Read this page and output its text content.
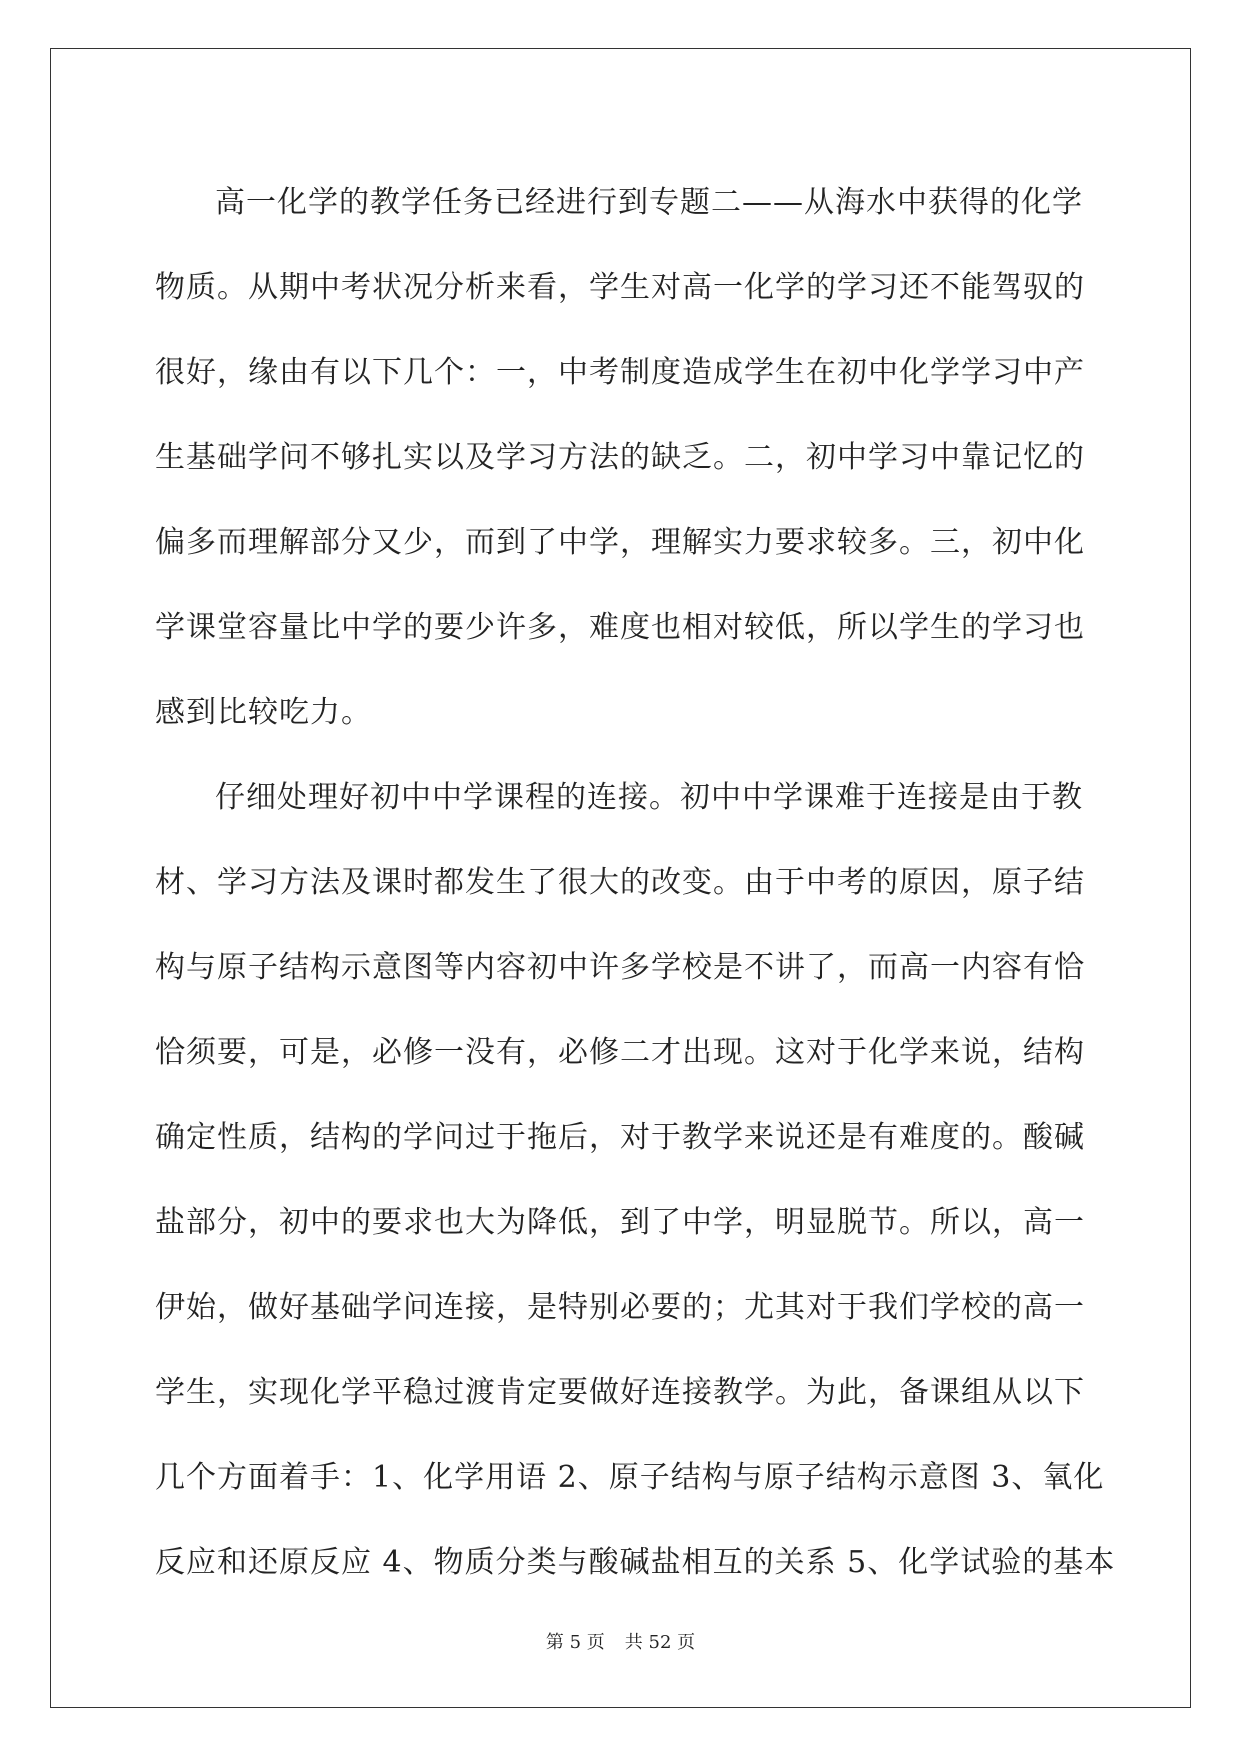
高一化学的教学任务已经进行到专题二——从海水中获得的化学
物质。从期中考状况分析来看，学生对高一化学的学习还不能驾驭的
很好，缘由有以下几个：一，中考制度造成学生在初中化学学习中产
生基础学问不够扎实以及学习方法的缺乏。二，初中学习中靠记忆的
偏多而理解部分又少，而到了中学，理解实力要求较多。三，初中化
学课堂容量比中学的要少许多，难度也相对较低，所以学生的学习也
感到比较吃力。
仔细处理好初中中学课程的连接。初中中学课难于连接是由于教
材、学习方法及课时都发生了很大的改变。由于中考的原因，原子结
构与原子结构示意图等内容初中许多学校是不讲了，而高一内容有恰
恰须要，可是，必修一没有，必修二才出现。这对于化学来说，结构
确定性质，结构的学问过于拖后，对于教学来说还是有难度的。酸碱
盐部分，初中的要求也大为降低，到了中学，明显脱节。所以，高一
伊始，做好基础学问连接，是特别必要的；尤其对于我们学校的高一
学生，实现化学平稳过渡肯定要做好连接教学。为此，备课组从以下
几个方面着手：1、化学用语 2、原子结构与原子结构示意图 3、氧化
反应和还原反应 4、物质分类与酸碱盐相互的关系 5、化学试验的基本
第 5 页 共 52 页
